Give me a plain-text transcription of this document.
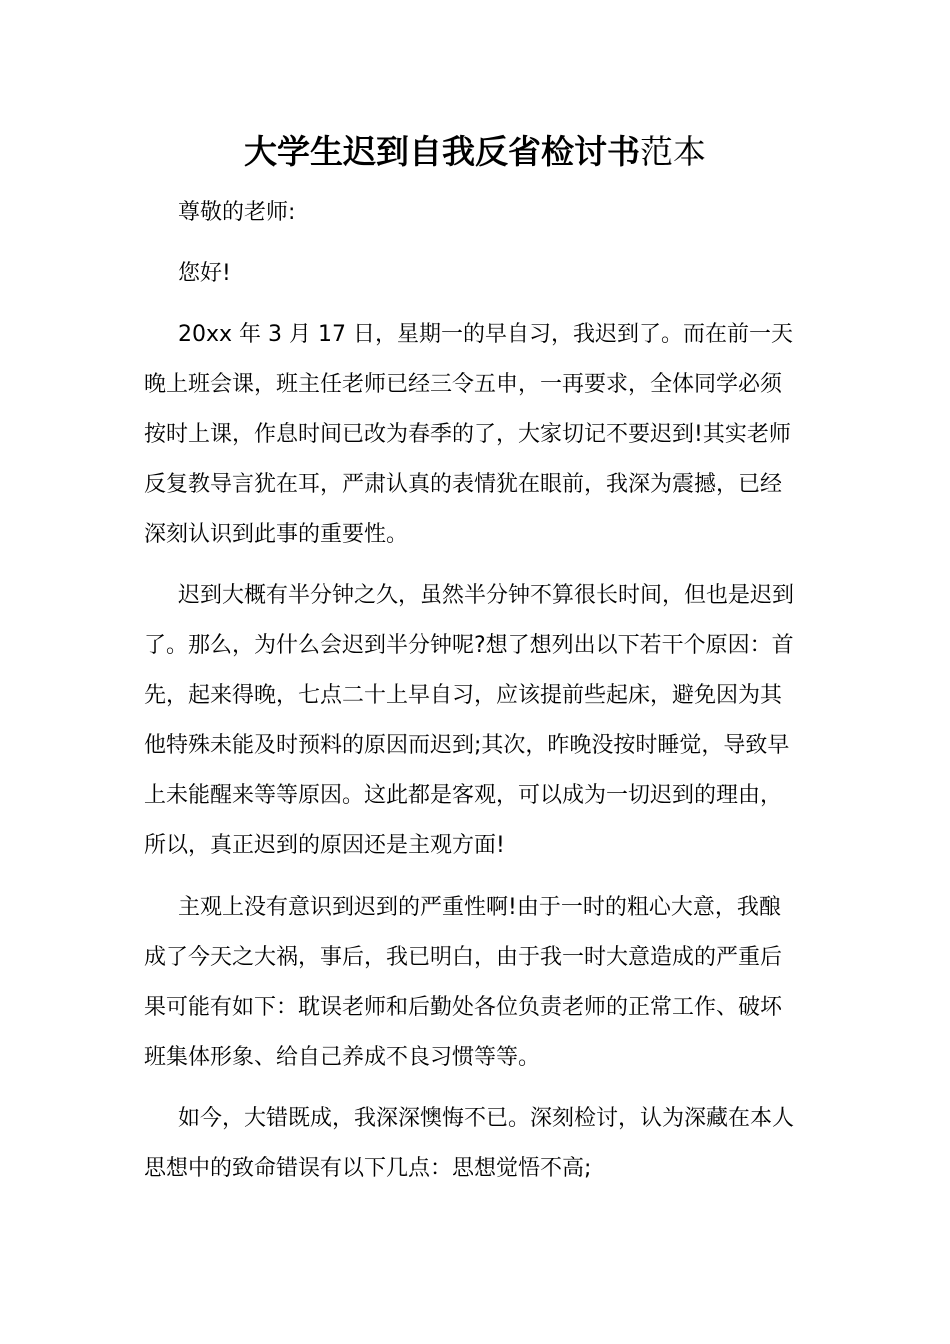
大学生迟到自我反省检讨书范本

尊敬的老师:

您好!

20xx 年 3 月 17 日，星期一的早自习，我迟到了。而在前一天

晚上班会课，班主任老师已经三令五申，一再要求，全体同学必须

按时上课，作息时间已改为春季的了，大家切记不要迟到!其实老师

反复教导言犹在耳，严肃认真的表情犹在眼前，我深为震撼，已经

深刻认识到此事的重要性。

迟到大概有半分钟之久，虽然半分钟不算很长时间，但也是迟到

了。那么，为什么会迟到半分钟呢?想了想列出以下若干个原因：首

先，起来得晚，七点二十上早自习，应该提前些起床，避免因为其

他特殊未能及时预料的原因而迟到;其次，昨晚没按时睡觉，导致早

上未能醒来等等原因。这此都是客观，可以成为一切迟到的理由，

所以，真正迟到的原因还是主观方面!

主观上没有意识到迟到的严重性啊!由于一时的粗心大意，我酿

成了今天之大祸，事后，我已明白，由于我一时大意造成的严重后

果可能有如下：耽误老师和后勤处各位负责老师的正常工作、破坏

班集体形象、给自己养成不良习惯等等。

如今，大错既成，我深深懊悔不已。深刻检讨，认为深藏在本人

思想中的致命错误有以下几点：思想觉悟不高;
